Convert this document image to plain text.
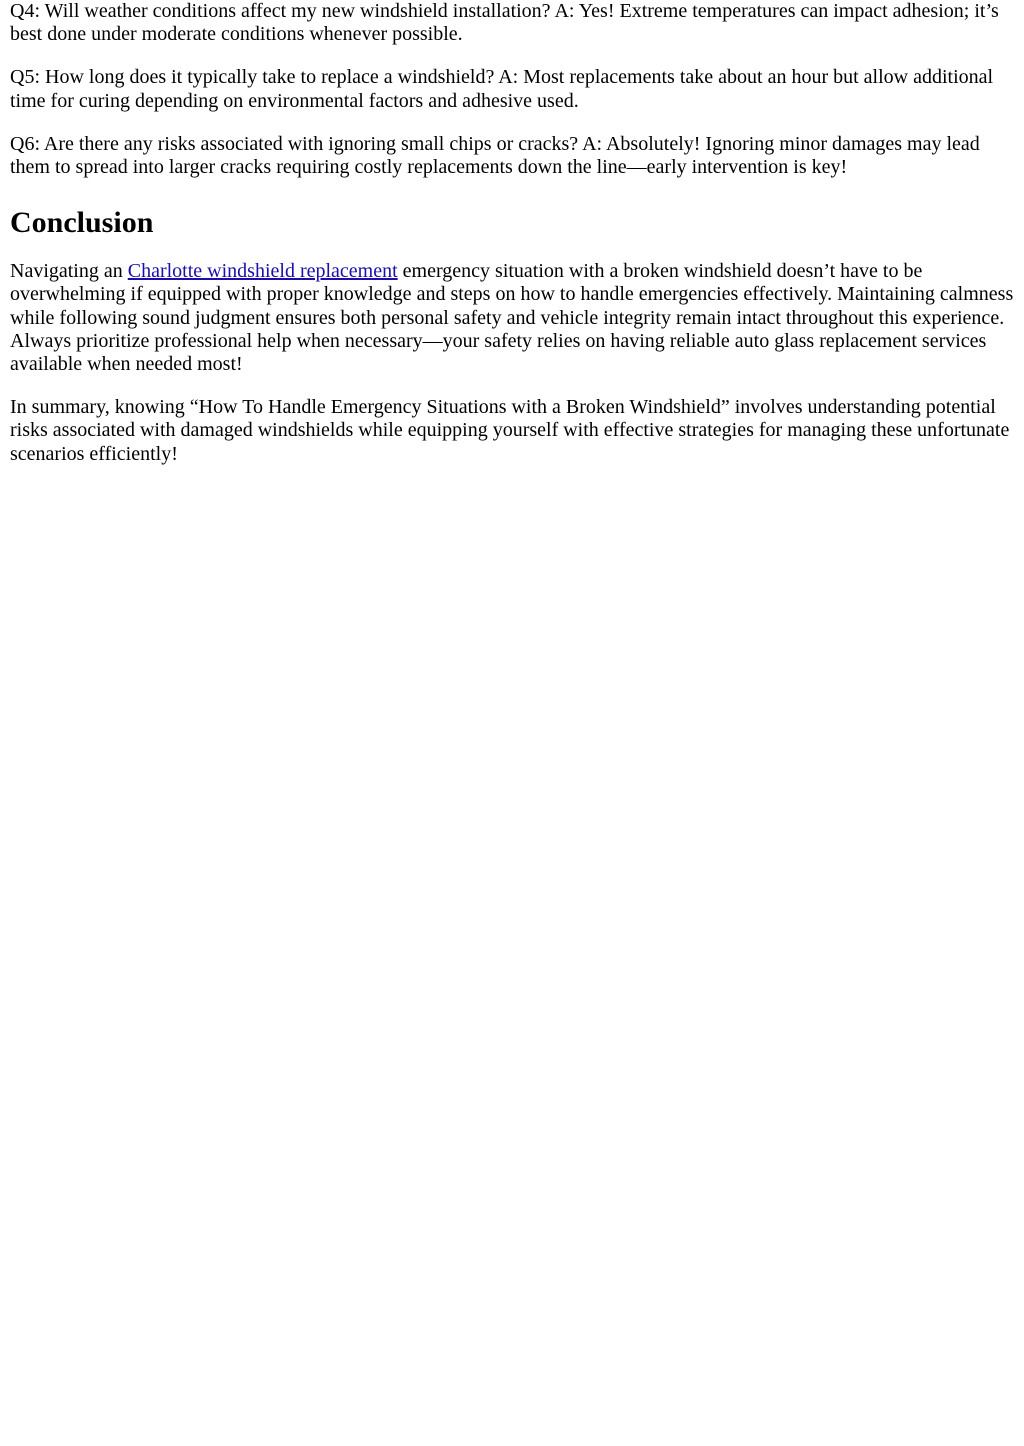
Q4: Will weather conditions affect my new windshield installation? A: Yes! Extreme temperatures can impact adhesion; it’s best done under moderate conditions whenever possible.

Q5: How long does it typically take to replace a windshield? A: Most replacements take about an hour but allow additional time for curing depending on environmental factors and adhesive used.

Q6: Are there any risks associated with ignoring small chips or cracks? A: Absolutely! Ignoring minor damages may lead them to spread into larger cracks requiring costly replacements down the line—early intervention is key!

Conclusion

Navigating an Charlotte windshield replacement emergency situation with a broken windshield doesn’t have to be overwhelming if equipped with proper knowledge and steps on how to handle emergencies effectively. Maintaining calmness while following sound judgment ensures both personal safety and vehicle integrity remain intact throughout this experience. Always prioritize professional help when necessary—your safety relies on having reliable auto glass replacement services available when needed most!

In summary, knowing “How To Handle Emergency Situations with a Broken Windshield” involves understanding potential risks associated with damaged windshields while equipping yourself with effective strategies for managing these unfortunate scenarios efficiently!
